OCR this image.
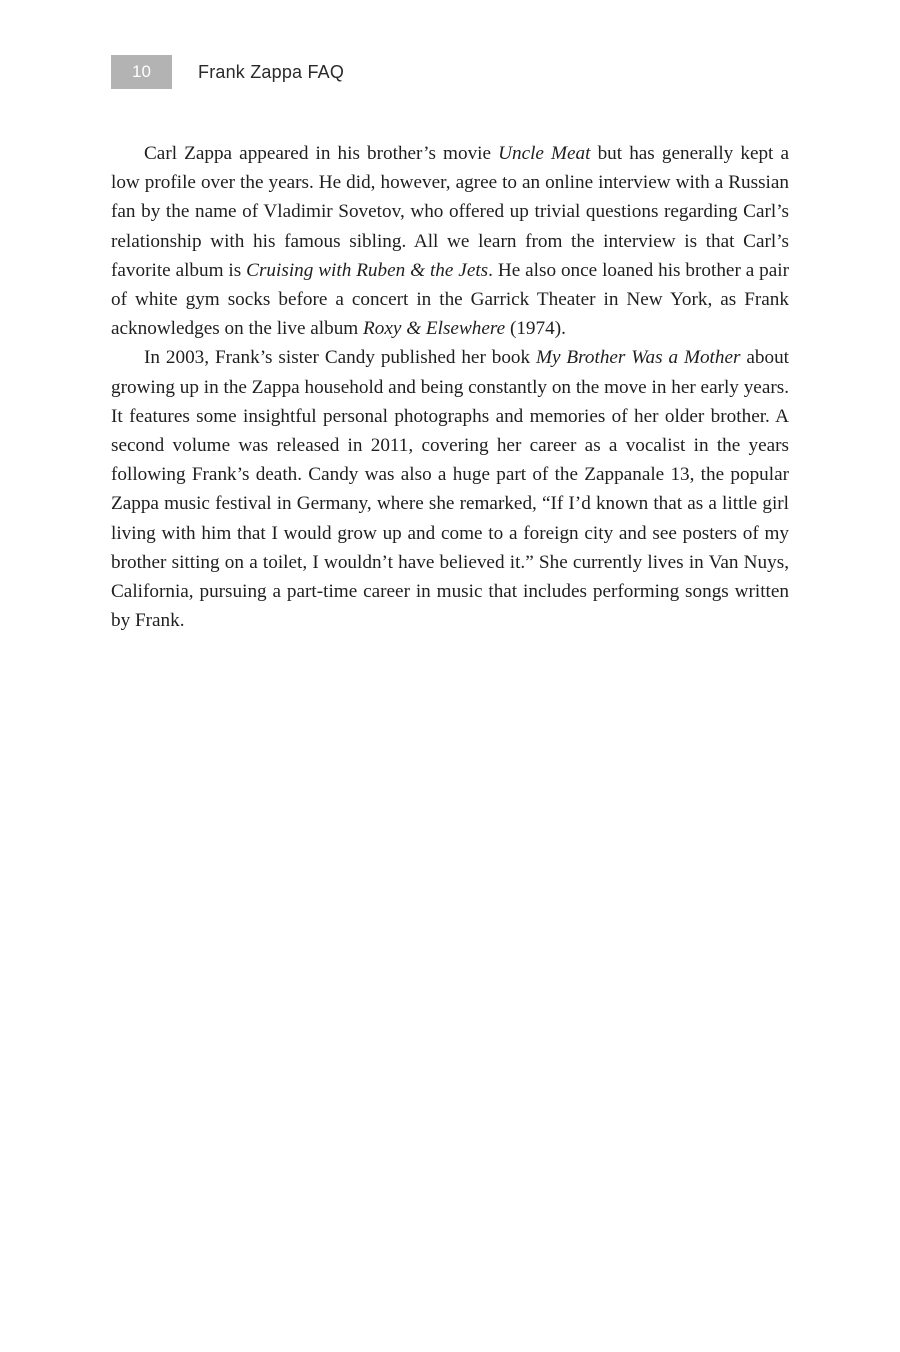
10	Frank Zappa FAQ

Carl Zappa appeared in his brother’s movie Uncle Meat but has generally kept a low profile over the years. He did, however, agree to an online interview with a Russian fan by the name of Vladimir Sovetov, who offered up trivial questions regarding Carl’s relationship with his famous sibling. All we learn from the interview is that Carl’s favorite album is Cruising with Ruben & the Jets. He also once loaned his brother a pair of white gym socks before a concert in the Garrick Theater in New York, as Frank acknowledges on the live album Roxy & Elsewhere (1974).

In 2003, Frank’s sister Candy published her book My Brother Was a Mother about growing up in the Zappa household and being constantly on the move in her early years. It features some insightful personal photographs and memories of her older brother. A second volume was released in 2011, covering her career as a vocalist in the years following Frank’s death. Candy was also a huge part of the Zappanale 13, the popular Zappa music festival in Germany, where she remarked, “If I’d known that as a little girl living with him that I would grow up and come to a foreign city and see posters of my brother sitting on a toilet, I wouldn’t have believed it.” She currently lives in Van Nuys, California, pursuing a part-time career in music that includes performing songs written by Frank.
